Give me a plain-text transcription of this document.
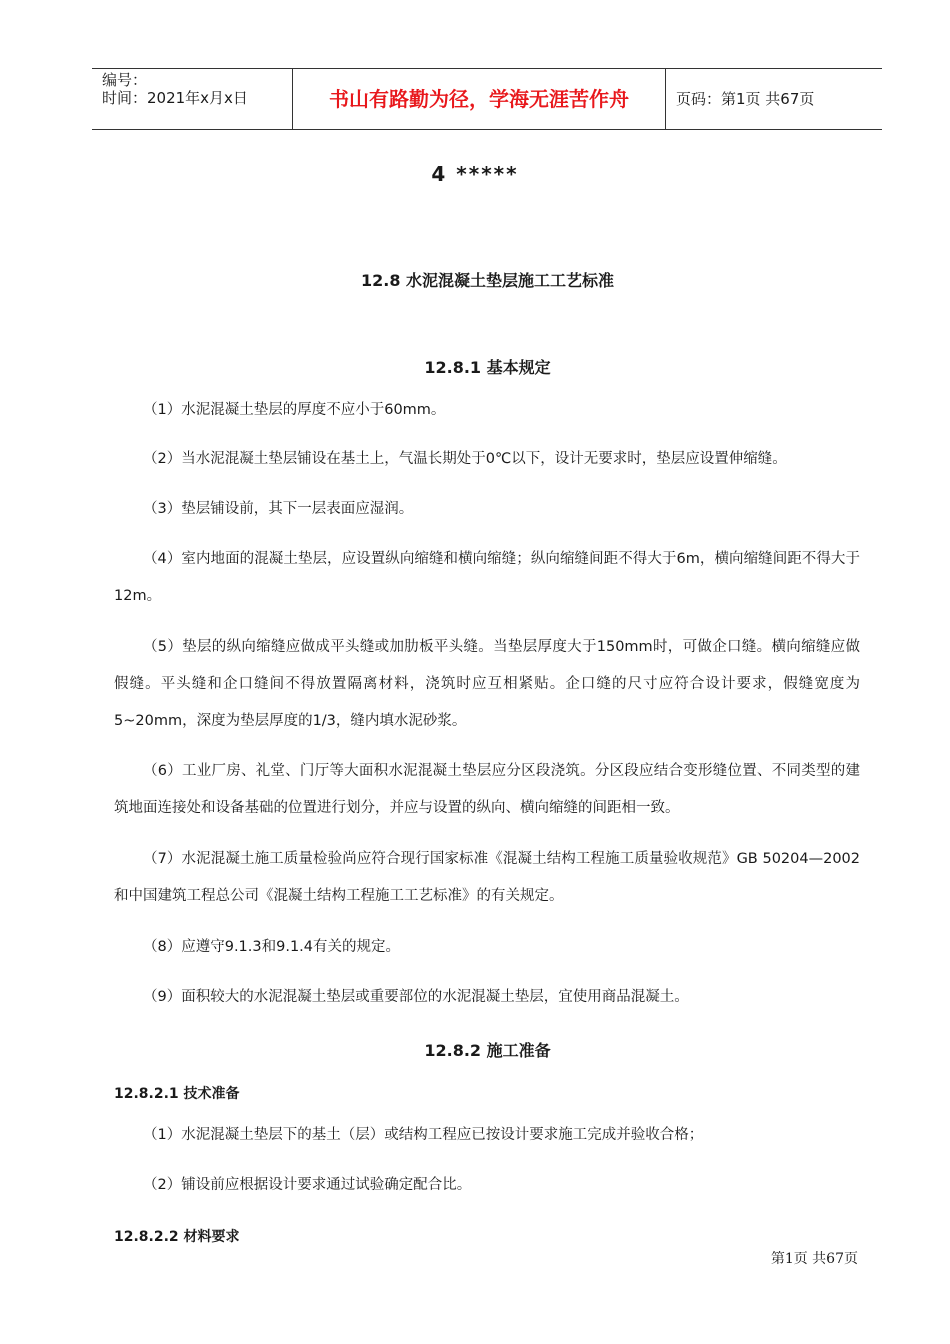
编号：
时间：2021年x月x日	书山有路勤为径，学海无涯苦作舟	页码：第1页 共67页
4 *****
12.8 水泥混凝土垫层施工工艺标准
12.8.1 基本规定
（1）水泥混凝土垫层的厚度不应小于60mm。
（2）当水泥混凝土垫层铺设在基土上，气温长期处于0℃以下，设计无要求时，垫层应设置伸缩缝。
（3）垫层铺设前，其下一层表面应湿润。
（4）室内地面的混凝土垫层，应设置纵向缩缝和横向缩缝；纵向缩缝间距不得大于6m，横向缩缝间距不得大于12m。
（5）垫层的纵向缩缝应做成平头缝或加肋板平头缝。当垫层厚度大于150mm时，可做企口缝。横向缩缝应做假缝。平头缝和企口缝间不得放置隔离材料，浇筑时应互相紧贴。企口缝的尺寸应符合设计要求，假缝宽度为5~20mm，深度为垫层厚度的1/3，缝内填水泥砂浆。
（6）工业厂房、礼堂、门厅等大面积水泥混凝土垫层应分区段浇筑。分区段应结合变形缝位置、不同类型的建筑地面连接处和设备基础的位置进行划分，并应与设置的纵向、横向缩缝的间距相一致。
（7）水泥混凝土施工质量检验尚应符合现行国家标准《混凝土结构工程施工质量验收规范》GB 50204—2002和中国建筑工程总公司《混凝土结构工程施工工艺标准》的有关规定。
（8）应遵守9.1.3和9.1.4有关的规定。
（9）面积较大的水泥混凝土垫层或重要部位的水泥混凝土垫层，宜使用商品混凝土。
12.8.2 施工准备
12.8.2.1 技术准备
（1）水泥混凝土垫层下的基土（层）或结构工程应已按设计要求施工完成并验收合格；
（2）铺设前应根据设计要求通过试验确定配合比。
12.8.2.2 材料要求
第1页 共67页
